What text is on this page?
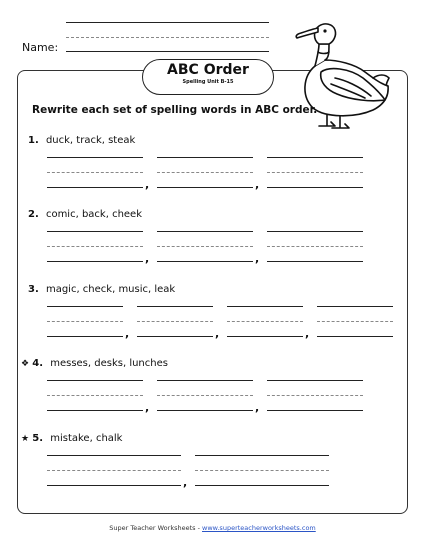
Name:
ABC Order
Spelling Unit B-15
Rewrite each set of spelling words in ABC order.
1. duck, track, steak
,	,
2. comic, back, cheek
,	,
3. magic, check, music, leak
,	,	,
❖ 4. messes, desks, lunches
,	,
★ 5. mistake, chalk
,
Super Teacher Worksheets - www.superteacherworksheets.com
